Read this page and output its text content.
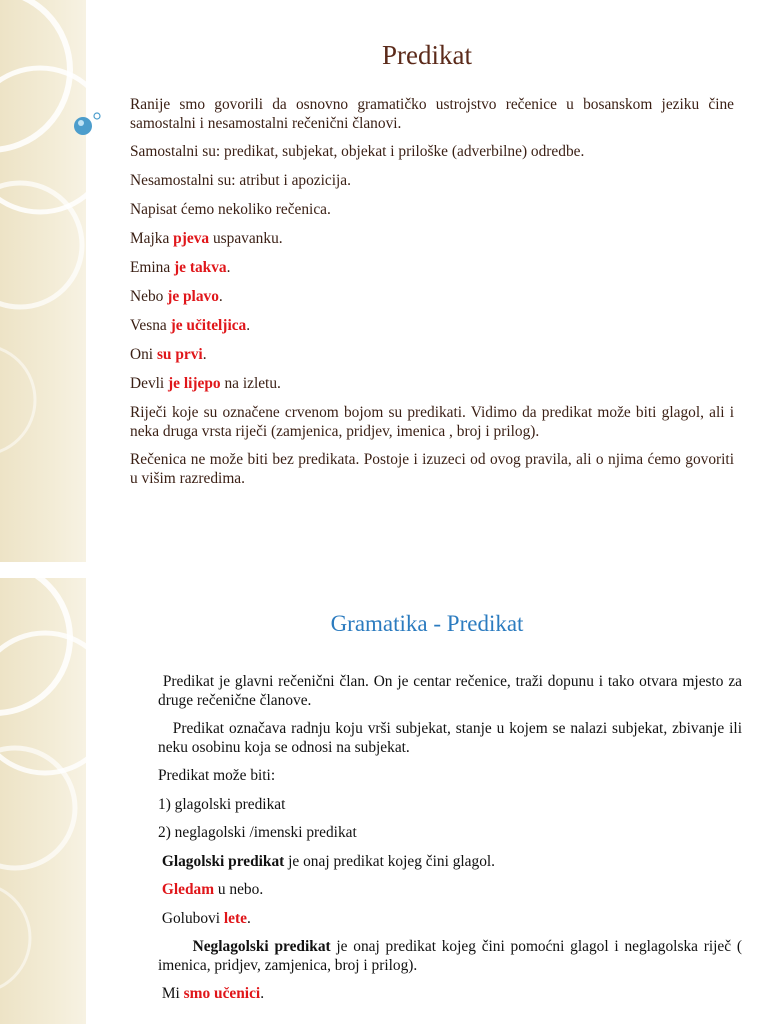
Predikat

Ranije smo govorili da osnovno gramatičko ustrojstvo rečenice u bosanskom jeziku čine samostalni i nesamostalni rečenični članovi.

Samostalni su: predikat, subjekat, objekat i priloške (adverbilne) odredbe.

Nesamostalni su: atribut i apozicija.

Napisat ćemo nekoliko rečenica.

Majka pjeva uspavanku.

Emina je takva.

Nebo je plavo.

Vesna je učiteljica.

Oni su prvi.

Devli je lijepo na izletu.

Riječi koje su označene crvenom bojom su predikati. Vidimo da predikat može biti glagol, ali i neka druga vrsta riječi (zamjenica, pridjev, imenica , broj i prilog).

Rečenica ne može biti bez predikata. Postoje i izuzeci od ovog pravila, ali o njima ćemo govoriti u višim razredima.

Gramatika - Predikat

Predikat je glavni rečenični član. On je centar rečenice, traži dopunu i tako otvara mjesto za druge rečenične članove.

Predikat označava radnju koju vrši subjekat, stanje u kojem se nalazi subjekat, zbivanje ili neku osobinu koja se odnosi na subjekat.

Predikat može biti:

1) glagolski predikat

2) neglagolski /imenski predikat

Glagolski predikat je onaj predikat kojeg čini glagol.

Gledam u nebo.

Golubovi lete.

Neglagolski predikat je onaj predikat kojeg čini pomoćni glagol i neglagolska riječ ( imenica, pridjev, zamjenica, broj i prilog).

Mi smo učenici.
